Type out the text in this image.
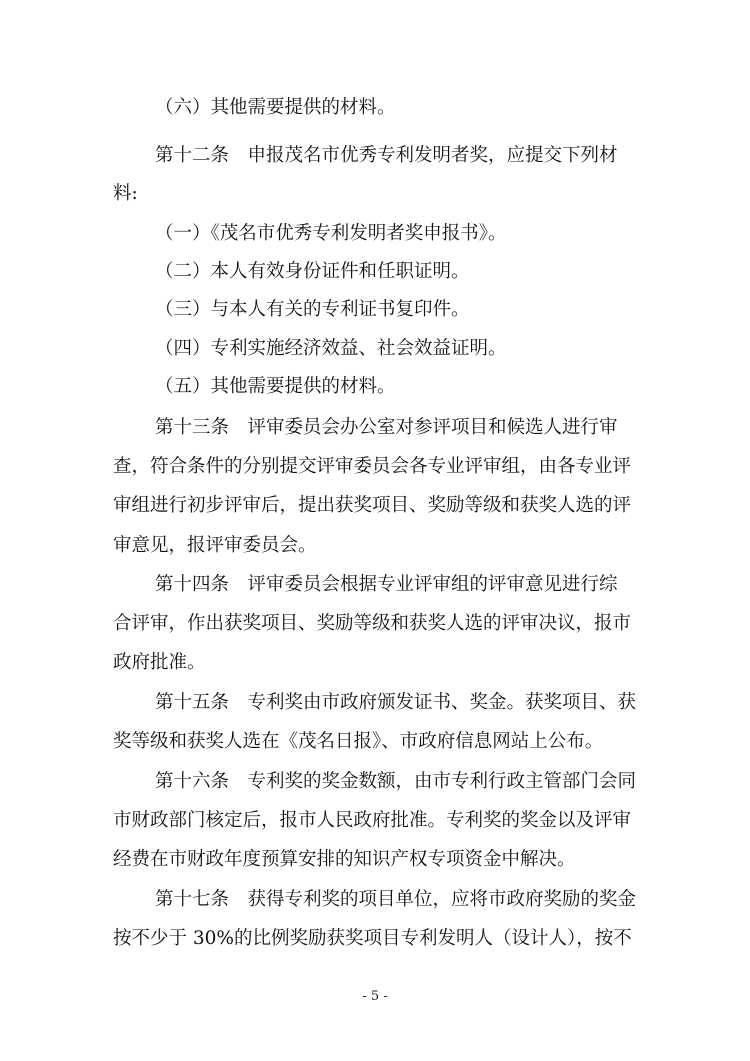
（六）其他需要提供的材料。
第十二条　申报茂名市优秀专利发明者奖，应提交下列材
料:
（一）《茂名市优秀专利发明者奖申报书》。
（二）本人有效身份证件和任职证明。
（三）与本人有关的专利证书复印件。
（四）专利实施经济效益、社会效益证明。
（五）其他需要提供的材料。
第十三条　评审委员会办公室对参评项目和候选人进行审
查，符合条件的分别提交评审委员会各专业评审组，由各专业评
审组进行初步评审后，提出获奖项目、奖励等级和获奖人选的评
审意见，报评审委员会。
第十四条　评审委员会根据专业评审组的评审意见进行综
合评审，作出获奖项目、奖励等级和获奖人选的评审决议，报市
政府批准。
第十五条　专利奖由市政府颁发证书、奖金。获奖项目、获
奖等级和获奖人选在《茂名日报》、市政府信息网站上公布。
第十六条　专利奖的奖金数额，由市专利行政主管部门会同
市财政部门核定后，报市人民政府批准。专利奖的奖金以及评审
经费在市财政年度预算安排的知识产权专项资金中解决。
第十七条　获得专利奖的项目单位，应将市政府奖励的奖金
按不少于 30%的比例奖励获奖项目专利发明人（设计人），按不
- 5 -
